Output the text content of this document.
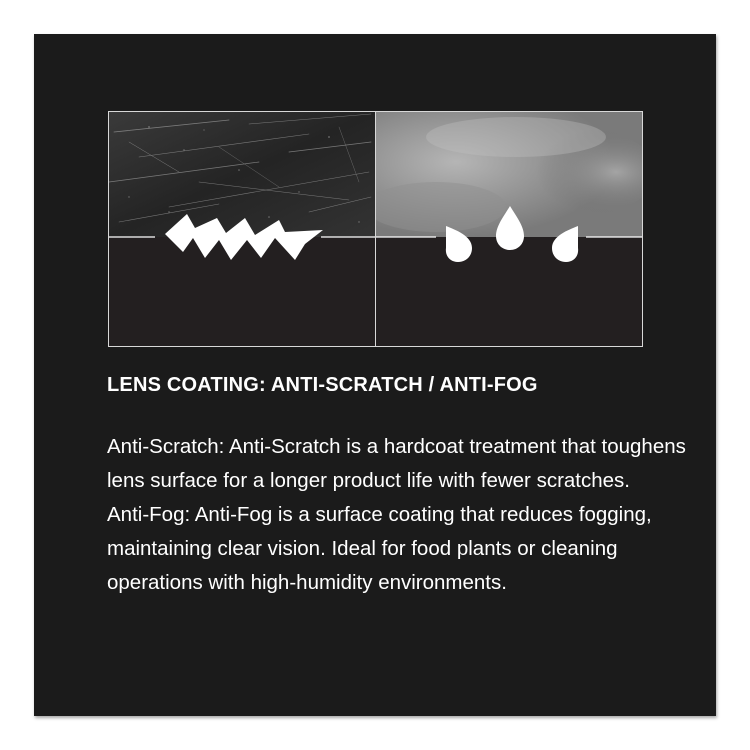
LENS COATING: ANTI-SCRATCH / ANTI-FOG

Anti-Scratch: Anti-Scratch is a hardcoat treatment that toughens lens surface for a longer product life with fewer scratches.

Anti-Fog: Anti-Fog is a surface coating that reduces fogging, maintaining clear vision. Ideal for food plants or cleaning operations with high-humidity environments.
